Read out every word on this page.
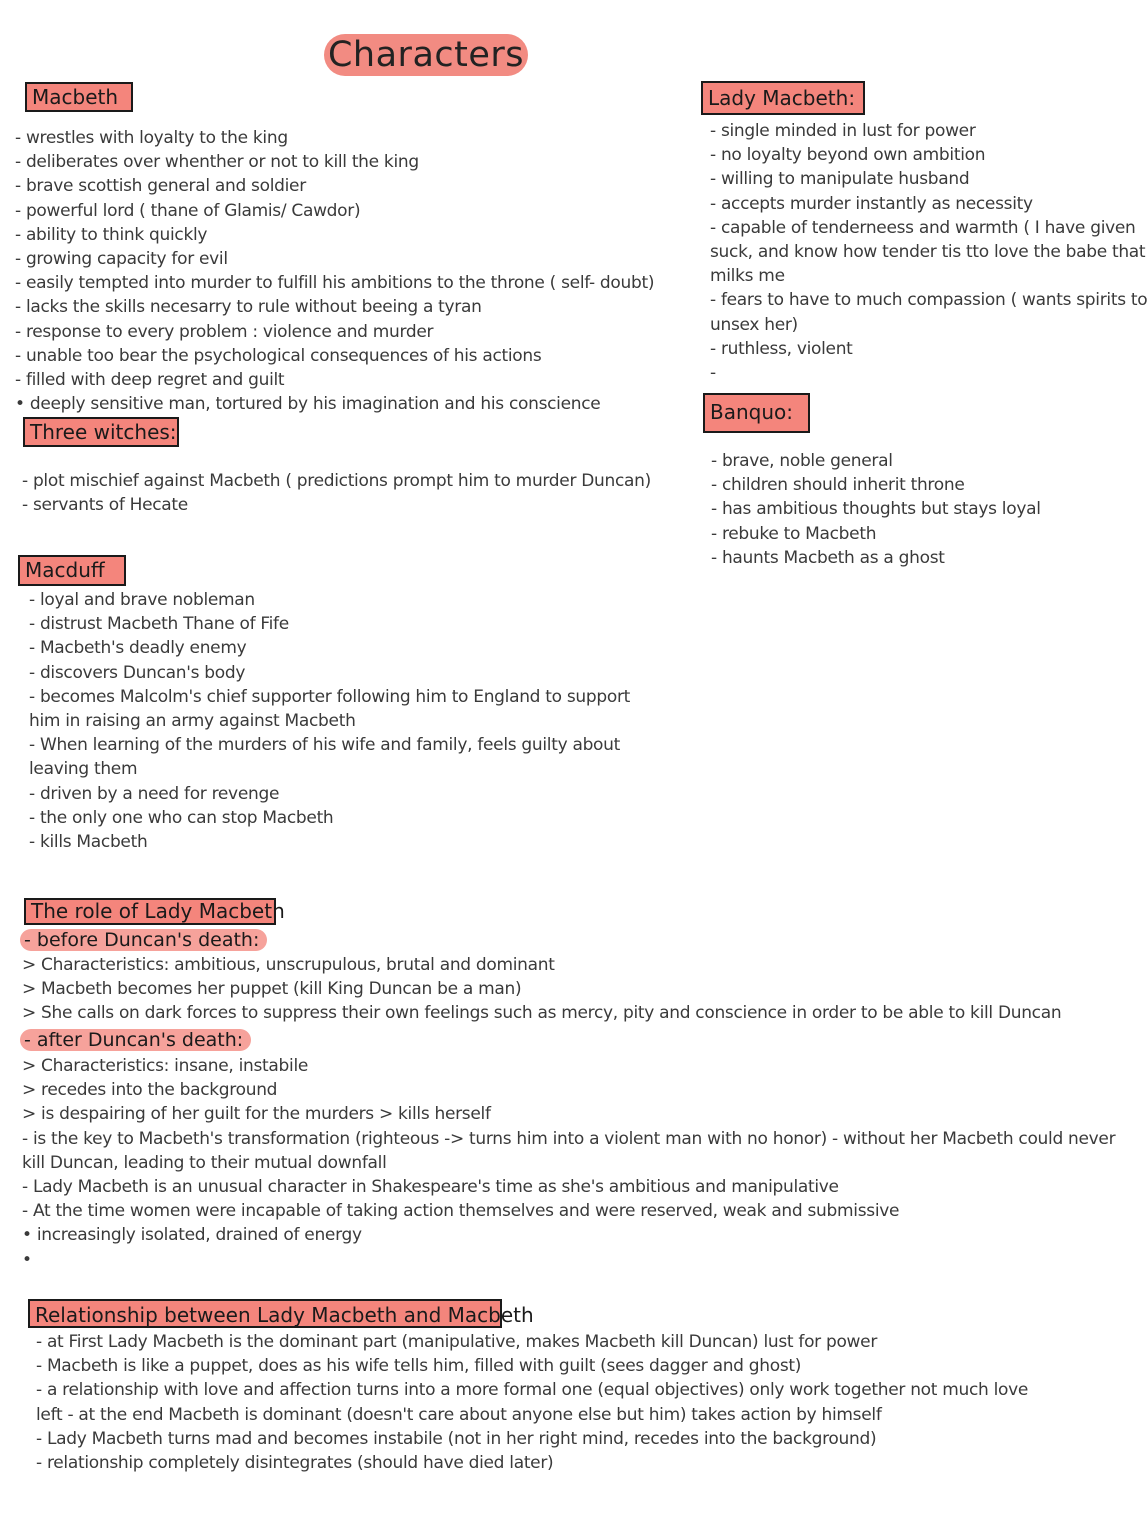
Characters
Macbeth
- wrestles with loyalty to the king
- deliberates over whenther or not to kill the king
- brave scottish general and soldier
- powerful lord ( thane of Glamis/ Cawdor)
- ability to think quickly
- growing capacity for evil
- easily tempted into murder to fulfill his ambitions to the throne ( self- doubt)
- lacks the skills necesarry to rule without beeing a tyran
- response to every problem : violence and murder
- unable too bear the psychological consequences of his actions
- filled with deep regret and guilt
• deeply sensitive man, tortured by his imagination and his conscience
Three witches:
- plot mischief against Macbeth ( predictions prompt him to murder Duncan)
- servants of Hecate
Macduff
- loyal and brave nobleman
- distrust Macbeth Thane of Fife
- Macbeth's deadly enemy
- discovers Duncan's body
- becomes Malcolm's chief supporter following him to England to support
him in raising an army against Macbeth
- When learning of the murders of his wife and family, feels guilty about
leaving them
- driven by a need for revenge
- the only one who can stop Macbeth
- kills Macbeth
Lady Macbeth:
- single minded in lust for power
- no loyalty beyond own ambition
- willing to manipulate husband
- accepts murder instantly as necessity
- capable of tenderneess and warmth ( I have given
suck, and know how tender tis tto love the babe that
milks me
- fears to have to much compassion ( wants spirits to
unsex her)
- ruthless, violent
-
Banquo:
- brave, noble general
- children should inherit throne
- has ambitious thoughts but stays loyal
- rebuke to Macbeth
- haunts Macbeth as a ghost
The role of Lady Macbeth
- before Duncan's death:
> Characteristics: ambitious, unscrupulous, brutal and dominant
> Macbeth becomes her puppet (kill King Duncan be a man)
> She calls on dark forces to suppress their own feelings such as mercy, pity and conscience in order to be able to kill Duncan
- after Duncan's death:
> Characteristics: insane, instabile
> recedes into the background
> is despairing of her guilt for the murders > kills herself
- is the key to Macbeth's transformation (righteous -> turns him into a violent man with no honor) - without her Macbeth could never
kill Duncan, leading to their mutual downfall
- Lady Macbeth is an unusual character in Shakespeare's time as she's ambitious and manipulative
- At the time women were incapable of taking action themselves and were reserved, weak and submissive
• increasingly isolated, drained of energy
•
Relationship between Lady Macbeth and Macbeth
- at First Lady Macbeth is the dominant part (manipulative, makes Macbeth kill Duncan) lust for power
- Macbeth is like a puppet, does as his wife tells him, filled with guilt (sees dagger and ghost)
- a relationship with love and affection turns into a more formal one (equal objectives) only work together not much love
left - at the end Macbeth is dominant (doesn't care about anyone else but him) takes action by himself
- Lady Macbeth turns mad and becomes instabile (not in her right mind, recedes into the background)
- relationship completely disintegrates (should have died later)
